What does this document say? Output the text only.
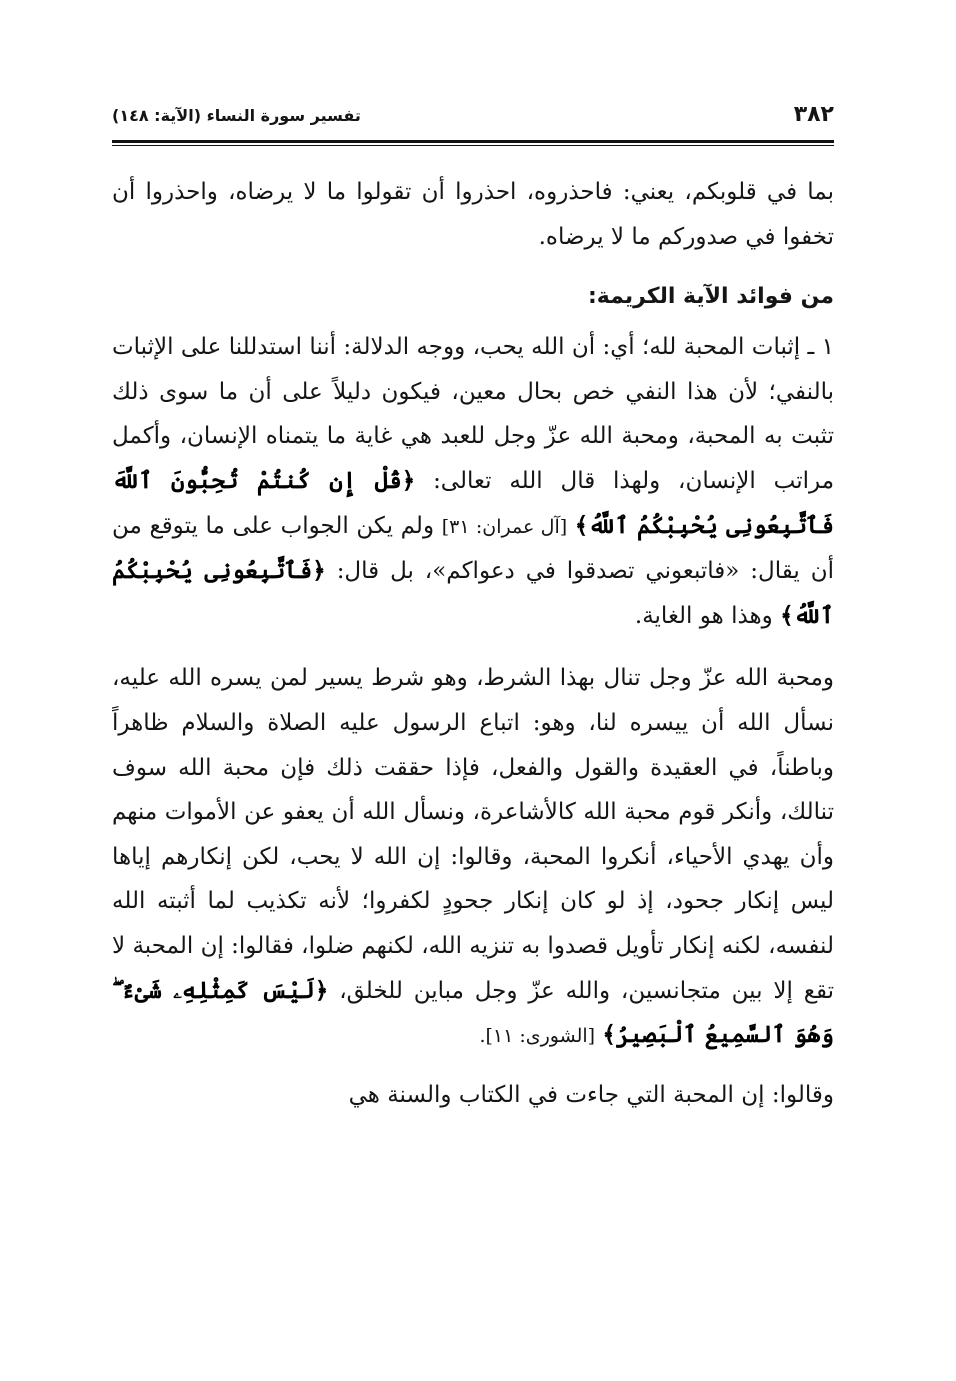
٣٨٢
تفسير سورة النساء (الآية: ١٤٨)

بما في قلوبكم، يعني: فاحذروه، احذروا أن تقولوا ما لا يرضاه، واحذروا أن تخفوا في صدوركم ما لا يرضاه.

من فوائد الآية الكريمة:

١ ـ إثبات المحبة لله؛ أي: أن الله يحب، ووجه الدلالة: أننا استدللنا على الإثبات بالنفي؛ لأن هذا النفي خص بحال معين، فيكون دليلاً على أن ما سوى ذلك تثبت به المحبة، ومحبة الله عزّ وجل للعبد هي غاية ما يتمناه الإنسان، وأكمل مراتب الإنسان، ولهذا قال الله تعالى: ﴿قُلْ إِن كُنتُمْ تُحِبُّونَ ٱللَّهَ فَٱتَّبِعُونِى يُحْبِبْكُمُ ٱللَّهُ﴾ [آل عمران: ٣١] ولم يكن الجواب على ما يتوقع من أن يقال: «فاتبعوني تصدقوا في دعواكم»، بل قال: ﴿فَٱتَّبِعُونِى يُحْبِبْكُمُ ٱللَّهُ﴾ وهذا هو الغاية.

ومحبة الله عزّ وجل تنال بهذا الشرط، وهو شرط يسير لمن يسره الله عليه، نسأل الله أن ييسره لنا، وهو: اتباع الرسول عليه الصلاة والسلام ظاهراً وباطناً، في العقيدة والقول والفعل، فإذا حققت ذلك فإن محبة الله سوف تنالك، وأنكر قوم محبة الله كالأشاعرة، ونسأل الله أن يعفو عن الأموات منهم وأن يهدي الأحياء، أنكروا المحبة، وقالوا: إن الله لا يحب، لكن إنكارهم إياها ليس إنكار جحود، إذ لو كان إنكار جحودٍ لكفروا؛ لأنه تكذيب لما أثبته الله لنفسه، لكنه إنكار تأويل قصدوا به تنزيه الله، لكنهم ضلوا، فقالوا: إن المحبة لا تقع إلا بين متجانسين، والله عزّ وجل مباين للخلق، ﴿لَيْسَ كَمِثْلِهِۦ شَىْءٌ ۖ وَهُوَ ٱلسَّمِيعُ ٱلْبَصِيرُ﴾ [الشورى: ١١].

وقالوا: إن المحبة التي جاءت في الكتاب والسنة هي
